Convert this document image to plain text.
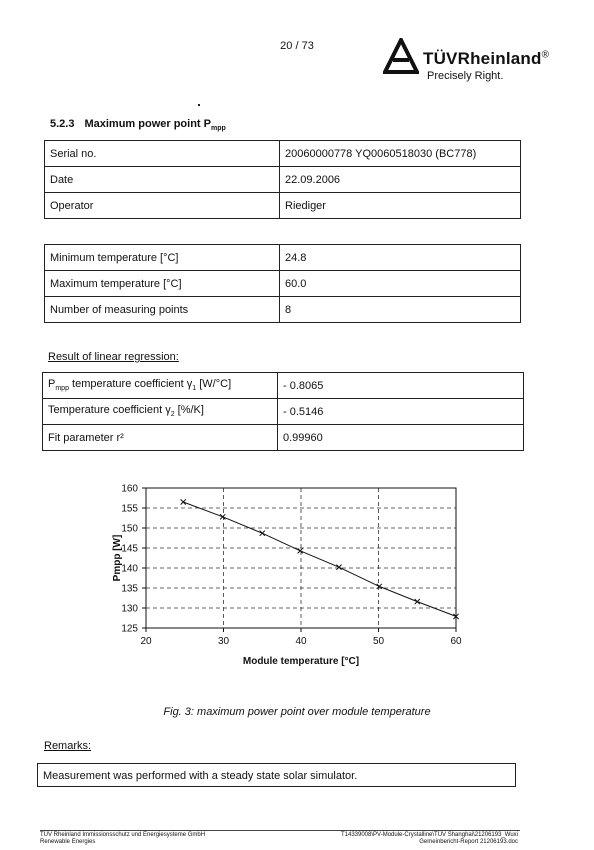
20 / 73
TÜVRheinland®
Precisely Right.
5.2.3 Maximum power point $P_{mpp}$
Serial no.	20060000778 YQ0060518030 (BC778)
Date	22.09.2006
Operator	Riediger
Minimum temperature [°C]	24.8
Maximum temperature [°C]	60.0
Number of measuring points	8
Result of linear regression:
$P_{mpp}$ temperature coefficient $\gamma_1$ [W/°C]	- 0.8065
Temperature coefficient $\gamma_2$ [%/K]	- 0.5146
Fit parameter r²	0.99960
125
130
135
140
145
150
155
160
20	30	40	50	60
Module temperature [°C]
Pmpp [W]
Fig. 3: maximum power point over module temperature
Remarks:
Measurement was performed with a steady state solar simulator.
TÜV Rheinland Immissionsschutz und Energiesysteme GmbH
Renewable Energies
T14339008\PV-Module-Crystalline\TÜV Shanghai\21206193_Wuxi
Gemeinbericht-Report 21206193.doc
